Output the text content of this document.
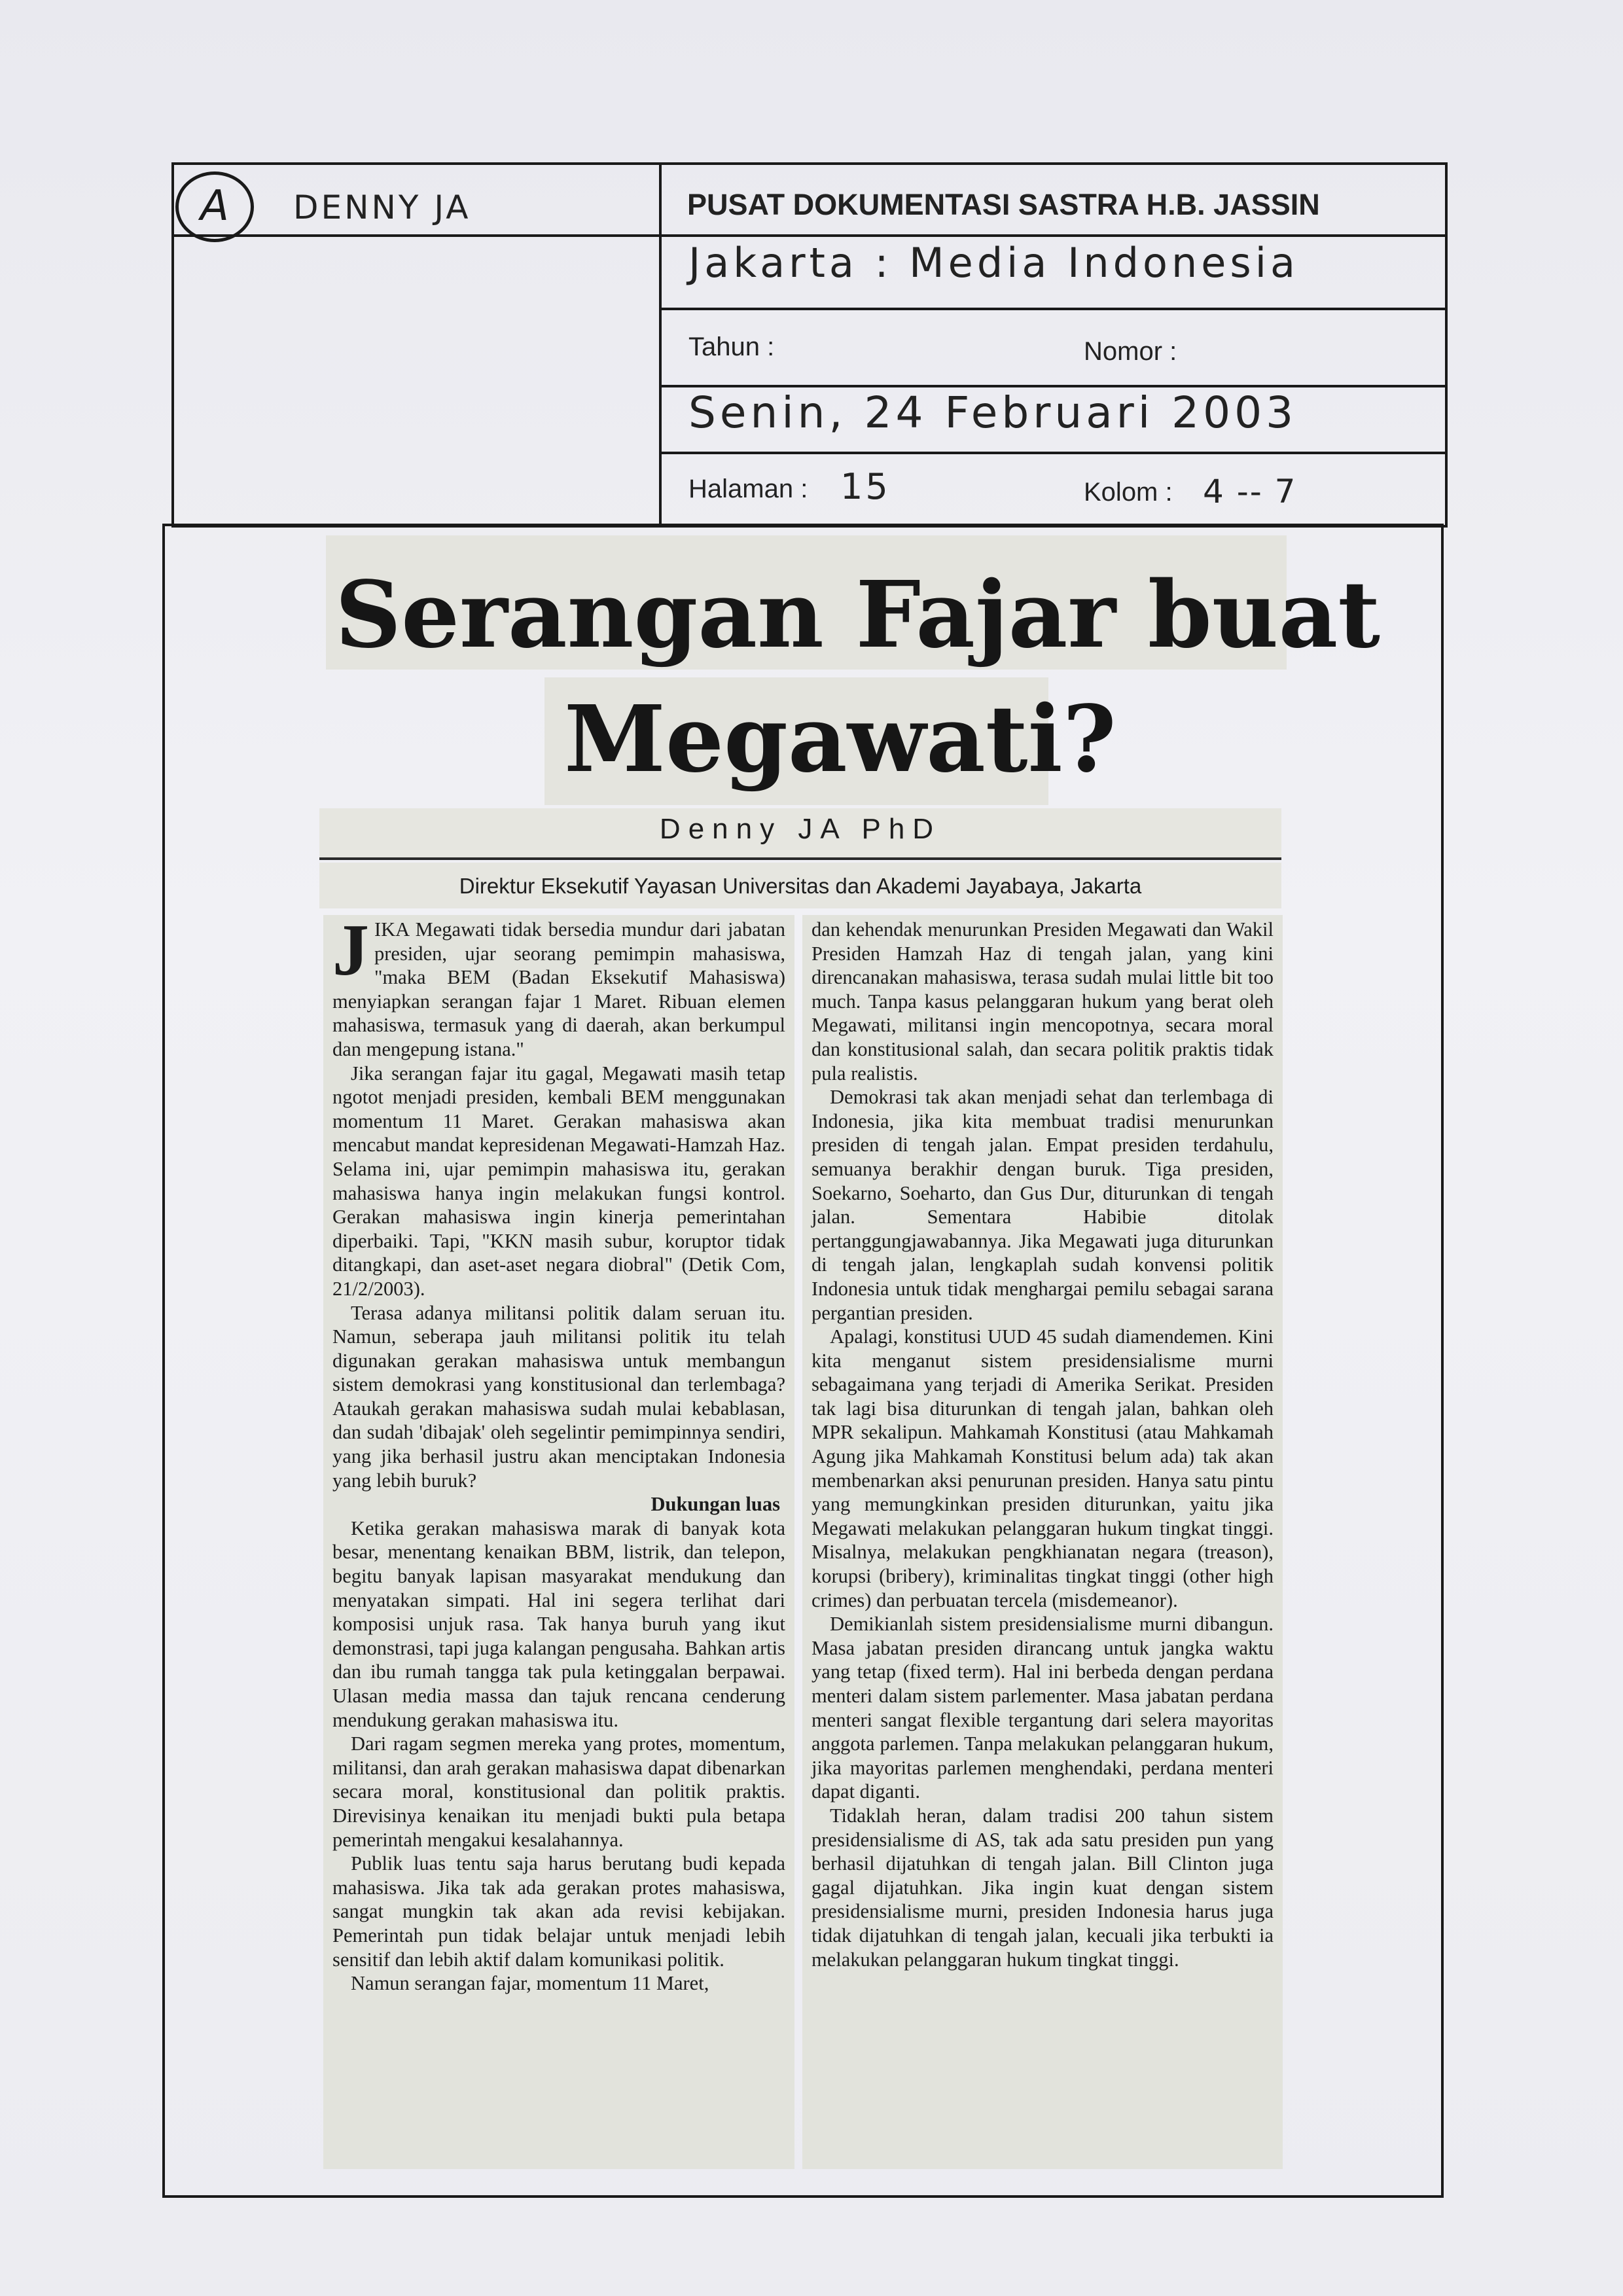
A	DENNY JA	PUSAT DOKUMENTASI SASTRA H.B. JASSIN
Jakarta : Media Indonesia
Tahun :	Nomor :
Senin, 24 Februari 2003
Halaman : 15	Kolom : 4 -- 7
Serangan Fajar buat
Megawati?
Denny JA PhD
Direktur Eksekutif Yayasan Universitas dan Akademi Jayabaya, Jakarta
J IKA Megawati tidak bersedia mundur dari jabatan presiden, ujar seorang pemimpin mahasiswa, "maka BEM (Badan Eksekutif Mahasiswa) menyiapkan serangan fajar 1 Maret. Ribuan elemen mahasiswa, termasuk yang di daerah, akan berkumpul dan mengepung istana."

Jika serangan fajar itu gagal, Megawati masih tetap ngotot menjadi presiden, kembali BEM menggunakan momentum 11 Maret. Gerakan mahasiswa akan mencabut mandat kepresidenan Megawati-Hamzah Haz. Selama ini, ujar pemimpin mahasiswa itu, gerakan mahasiswa hanya ingin melakukan fungsi kontrol. Gerakan mahasiswa ingin kinerja pemerintahan diperbaiki. Tapi, "KKN masih subur, koruptor tidak ditangkapi, dan aset-aset negara diobral" (Detik Com, 21/2/2003).

Terasa adanya militansi politik dalam seruan itu. Namun, seberapa jauh militansi politik itu telah digunakan gerakan mahasiswa untuk membangun sistem demokrasi yang konstitusional dan terlembaga? Ataukah gerakan mahasiswa sudah mulai kebablasan, dan sudah 'dibajak' oleh segelintir pemimpinnya sendiri, yang jika berhasil justru akan menciptakan Indonesia yang lebih buruk?

Dukungan luas

Ketika gerakan mahasiswa marak di banyak kota besar, menentang kenaikan BBM, listrik, dan telepon, begitu banyak lapisan masyarakat mendukung dan menyatakan simpati. Hal ini segera terlihat dari komposisi unjuk rasa. Tak hanya buruh yang ikut demonstrasi, tapi juga kalangan pengusaha. Bahkan artis dan ibu rumah tangga tak pula ketinggalan berpawai. Ulasan media massa dan tajuk rencana cenderung mendukung gerakan mahasiswa itu.

Dari ragam segmen mereka yang protes, momentum, militansi, dan arah gerakan mahasiswa dapat dibenarkan secara moral, konstitusional dan politik praktis. Direvisinya kenaikan itu menjadi bukti pula betapa pemerintah mengakui kesalahannya.

Publik luas tentu saja harus berutang budi kepada mahasiswa. Jika tak ada gerakan protes mahasiswa, sangat mungkin tak akan ada revisi kebijakan. Pemerintah pun tidak belajar untuk menjadi lebih sensitif dan lebih aktif dalam komunikasi politik.

Namun serangan fajar, momentum 11 Maret,

dan kehendak menurunkan Presiden Megawati dan Wakil Presiden Hamzah Haz di tengah jalan, yang kini direncanakan mahasiswa, terasa sudah mulai little bit too much. Tanpa kasus pelanggaran hukum yang berat oleh Megawati, militansi ingin mencopotnya, secara moral dan konstitusional salah, dan secara politik praktis tidak pula realistis.

Demokrasi tak akan menjadi sehat dan terlembaga di Indonesia, jika kita membuat tradisi menurunkan presiden di tengah jalan. Empat presiden terdahulu, semuanya berakhir dengan buruk. Tiga presiden, Soekarno, Soeharto, dan Gus Dur, diturunkan di tengah jalan. Sementara Habibie ditolak pertanggungjawabannya. Jika Megawati juga diturunkan di tengah jalan, lengkaplah sudah konvensi politik Indonesia untuk tidak menghargai pemilu sebagai sarana pergantian presiden.

Apalagi, konstitusi UUD 45 sudah diamendemen. Kini kita menganut sistem presidensialisme murni sebagaimana yang terjadi di Amerika Serikat. Presiden tak lagi bisa diturunkan di tengah jalan, bahkan oleh MPR sekalipun. Mahkamah Konstitusi (atau Mahkamah Agung jika Mahkamah Konstitusi belum ada) tak akan membenarkan aksi penurunan presiden. Hanya satu pintu yang memungkinkan presiden diturunkan, yaitu jika Megawati melakukan pelanggaran hukum tingkat tinggi. Misalnya, melakukan pengkhianatan negara (treason), korupsi (bribery), kriminalitas tingkat tinggi (other high crimes) dan perbuatan tercela (misdemeanor).

Demikianlah sistem presidensialisme murni dibangun. Masa jabatan presiden dirancang untuk jangka waktu yang tetap (fixed term). Hal ini berbeda dengan perdana menteri dalam sistem parlementer. Masa jabatan perdana menteri sangat flexible tergantung dari selera mayoritas anggota parlemen. Tanpa melakukan pelanggaran hukum, jika mayoritas parlemen menghendaki, perdana menteri dapat diganti.

Tidaklah heran, dalam tradisi 200 tahun sistem presidensialisme di AS, tak ada satu presiden pun yang berhasil dijatuhkan di tengah jalan. Bill Clinton juga gagal dijatuhkan. Jika ingin kuat dengan sistem presidensialisme murni, presiden Indonesia harus juga tidak dijatuhkan di tengah jalan, kecuali jika terbukti ia melakukan pelanggaran hukum tingkat tinggi.
